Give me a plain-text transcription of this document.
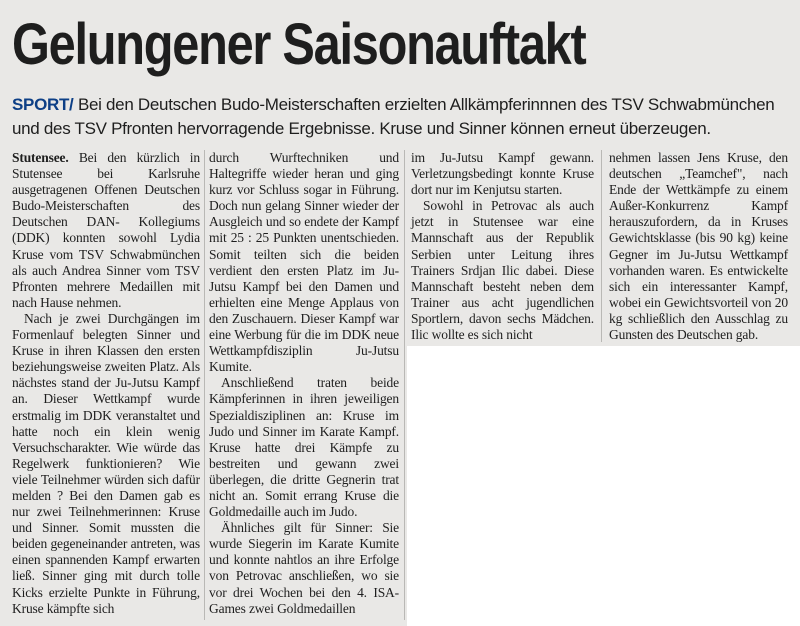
Gelungener Saisonauftakt

SPORT/ Bei den Deutschen Budo-Meisterschaften erzielten Allkämpferinnnen des TSV Schwabmünchen und des TSV Pfronten hervorragende Ergebnisse. Kruse und Sinner können erneut überzeugen.

Stutensee. Bei den kürzlich in Stutensee bei Karlsruhe ausgetragenen Offenen Deutschen Budo-Meisterschaften des Deutschen DAN- Kollegiums (DDK) konnten sowohl Lydia Kruse vom TSV Schwabmünchen als auch Andrea Sinner vom TSV Pfronten mehrere Medaillen mit nach Hause nehmen.

Nach je zwei Durchgängen im Formenlauf belegten Sinner und Kruse in ihren Klassen den ersten beziehungsweise zweiten Platz. Als nächstes stand der Ju-Jutsu Kampf an. Dieser Wettkampf wurde erstmalig im DDK veranstaltet und hatte noch ein klein wenig Versuchscharakter. Wie würde das Regelwerk funktionieren? Wie viele Teilnehmer würden sich dafür melden ? Bei den Damen gab es nur zwei Teilnehmerinnen: Kruse und Sinner. Somit mussten die beiden gegeneinander antreten, was einen spannenden Kampf erwarten ließ. Sinner ging mit durch tolle Kicks erzielte Punkte in Führung, Kruse kämpfte sich

durch Wurftechniken und Haltegriffe wieder heran und ging kurz vor Schluss sogar in Führung. Doch nun gelang Sinner wieder der Ausgleich und so endete der Kampf mit 25 : 25 Punkten unentschieden. Somit teilten sich die beiden verdient den ersten Platz im Ju-Jutsu Kampf bei den Damen und erhielten eine Menge Applaus von den Zuschauern. Dieser Kampf war eine Werbung für die im DDK neue Wettkampfdisziplin Ju-Jutsu Kumite.

Anschließend traten beide Kämpferinnen in ihren jeweiligen Spezialdisziplinen an: Kruse im Judo und Sinner im Karate Kampf. Kruse hatte drei Kämpfe zu bestreiten und gewann zwei überlegen, die dritte Gegnerin trat nicht an. Somit errang Kruse die Goldmedaille auch im Judo.

Ähnliches gilt für Sinner: Sie wurde Siegerin im Karate Kumite und konnte nahtlos an ihre Erfolge von Petrovac anschließen, wo sie vor drei Wochen bei den 4. ISA-Games zwei Goldmedaillen

im Ju-Jutsu Kampf gewann. Verletzungsbedingt konnte Kruse dort nur im Kenjutsu starten.

Sowohl in Petrovac als auch jetzt in Stutensee war eine Mannschaft aus der Republik Serbien unter Leitung ihres Trainers Srdjan Ilic dabei. Diese Mannschaft besteht neben dem Trainer aus acht jugendlichen Sportlern, davon sechs Mädchen. Ilic wollte es sich nicht

nehmen lassen Jens Kruse, den deutschen „Teamchef", nach Ende der Wettkämpfe zu einem Außer-Konkurrenz Kampf herauszufordern, da in Kruses Gewichtsklasse (bis 90 kg) keine Gegner im Ju-Jutsu Wettkampf vorhanden waren. Es entwickelte sich ein interessanter Kampf, wobei ein Gewichtsvorteil von 20 kg schließlich den Ausschlag zu Gunsten des Deutschen gab.
